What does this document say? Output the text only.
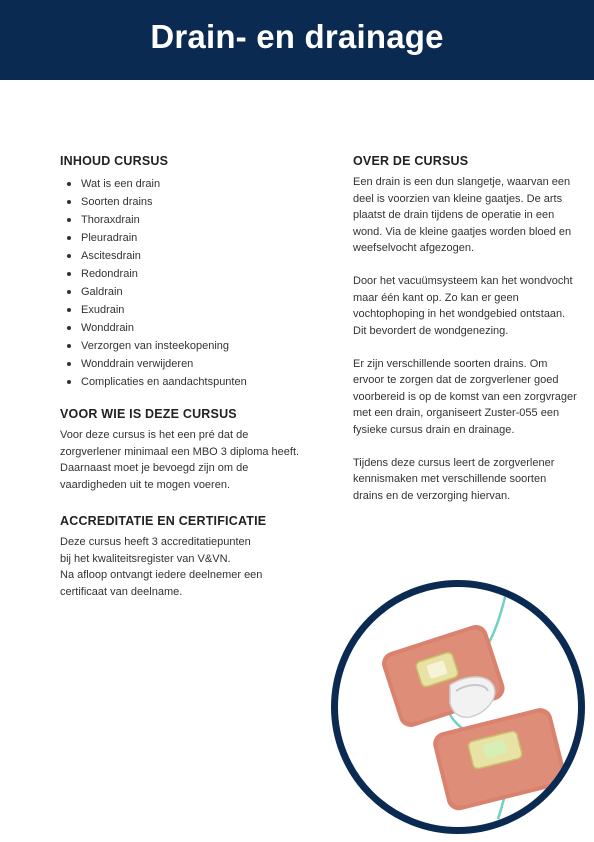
Drain- en drainage
INHOUD CURSUS
Wat is een drain
Soorten drains
Thoraxdrain
Pleuradrain
Ascitesdrain
Redondrain
Galdrain
Exudrain
Wonddrain
Verzorgen van insteekopening
Wonddrain verwijderen
Complicaties en aandachtspunten
VOOR WIE IS DEZE CURSUS

Voor deze cursus is het een pré dat de zorgverlener minimaal een MBO 3 diploma heeft. Daarnaast moet je bevoegd zijn om de vaardigheden uit te mogen voeren.

ACCREDITATIE EN CERTIFICATIE

Deze cursus heeft 3 accreditatiepunten
bij het kwaliteitsregister van V&VN.
Na afloop ontvangt iedere deelnemer een
certificaat van deelname.

OVER DE CURSUS

Een drain is een dun slangetje, waarvan een deel is voorzien van kleine gaatjes. De arts plaatst de drain tijdens de operatie in een wond. Via de kleine gaatjes worden bloed en weefselvocht afgezogen.

Door het vacuümsysteem kan het wondvocht maar één kant op. Zo kan er geen vochtophoping in het wondgebied ontstaan. Dit bevordert de wondgenezing.

Er zijn verschillende soorten drains. Om ervoor te zorgen dat de zorgverlener goed voorbereid is op de komst van een zorgvrager met een drain, organiseert Zuster-055 een fysieke cursus drain en drainage.

Tijdens deze cursus leert de zorgverlener kennismaken met verschillende soorten drains en de verzorging hiervan.
